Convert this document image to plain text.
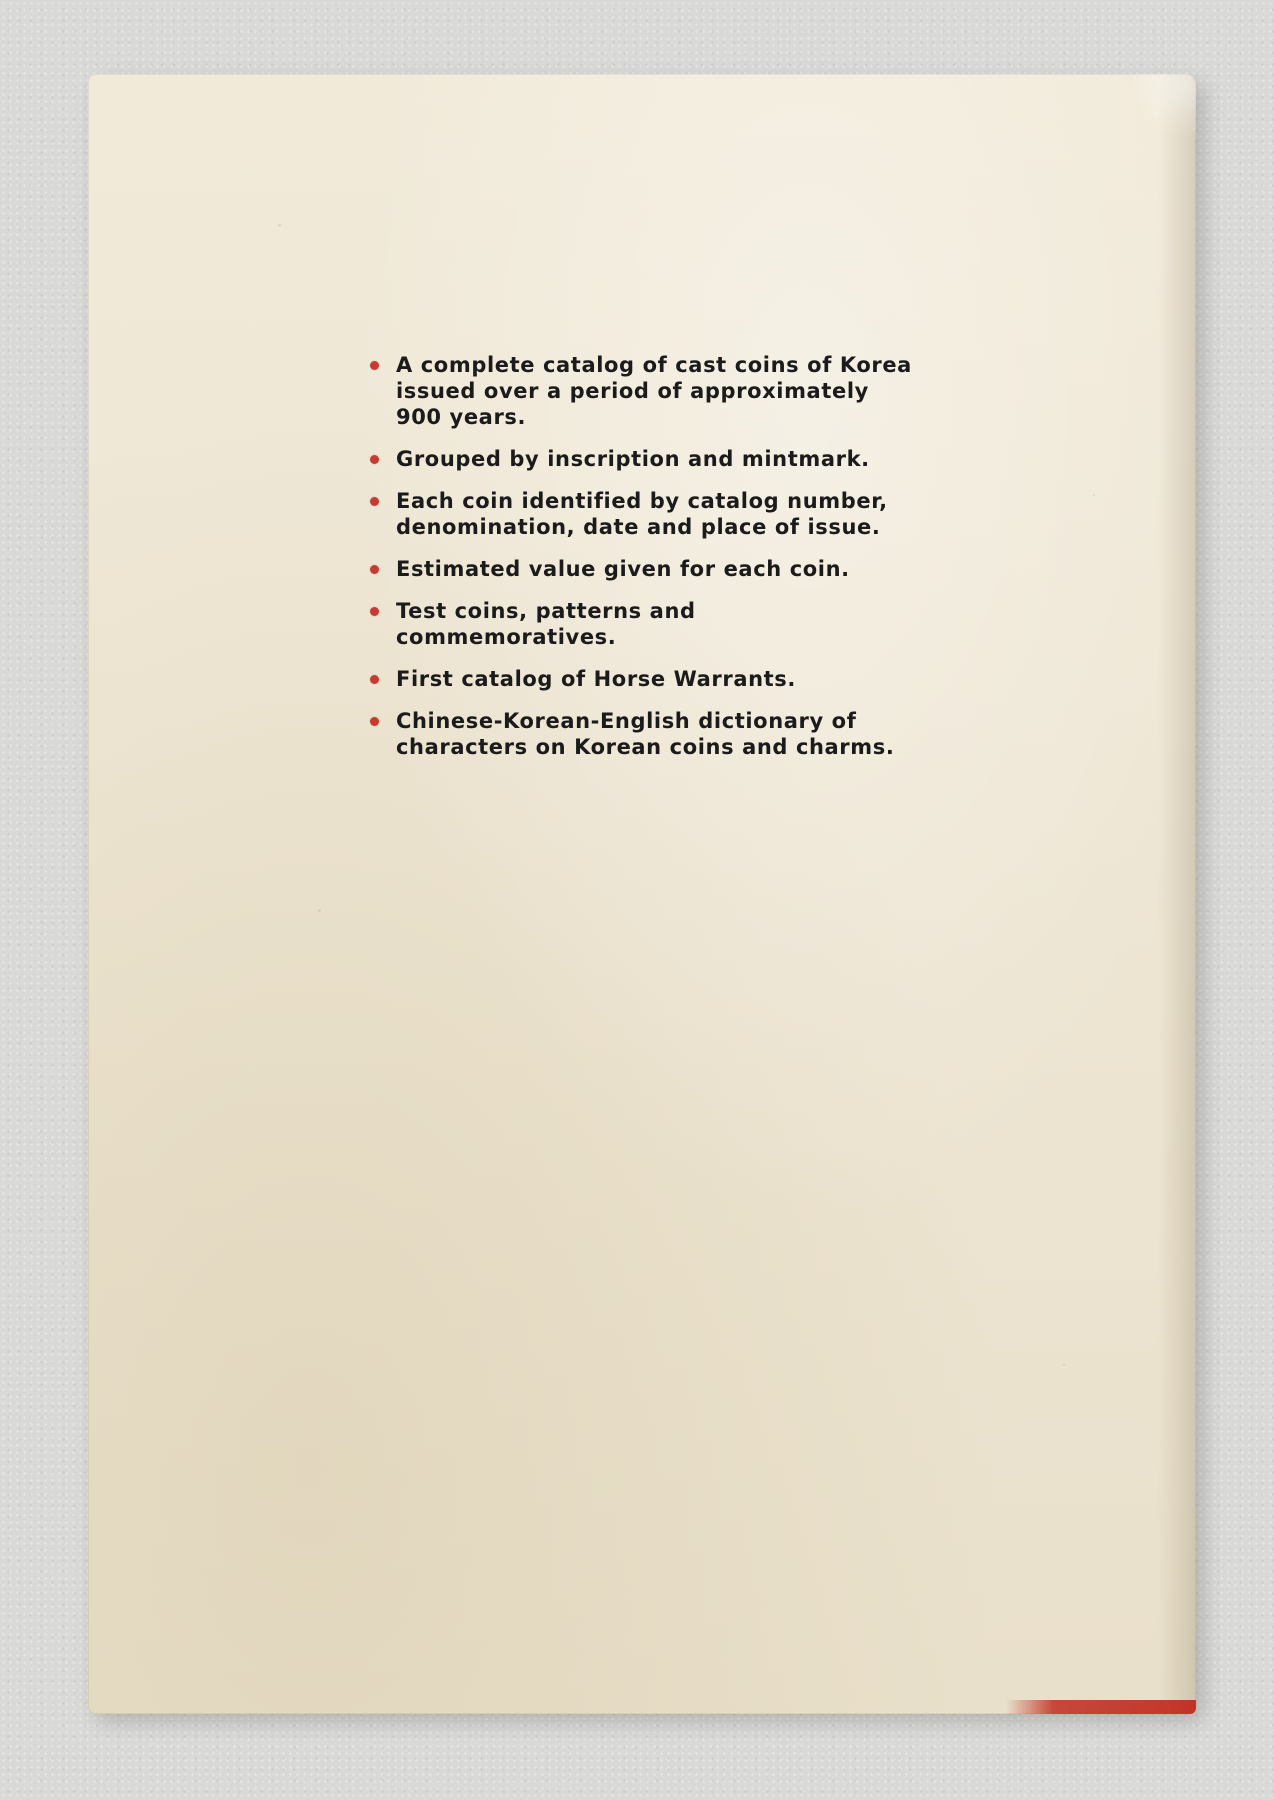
A complete catalog of cast coins of Korea
issued over a period of approximately
900 years.
Grouped by inscription and mintmark.
Each coin identified by catalog number,
denomination, date and place of issue.
Estimated value given for each coin.
Test coins, patterns and
commemoratives.
First catalog of Horse Warrants.
Chinese-Korean-English dictionary of
characters on Korean coins and charms.
